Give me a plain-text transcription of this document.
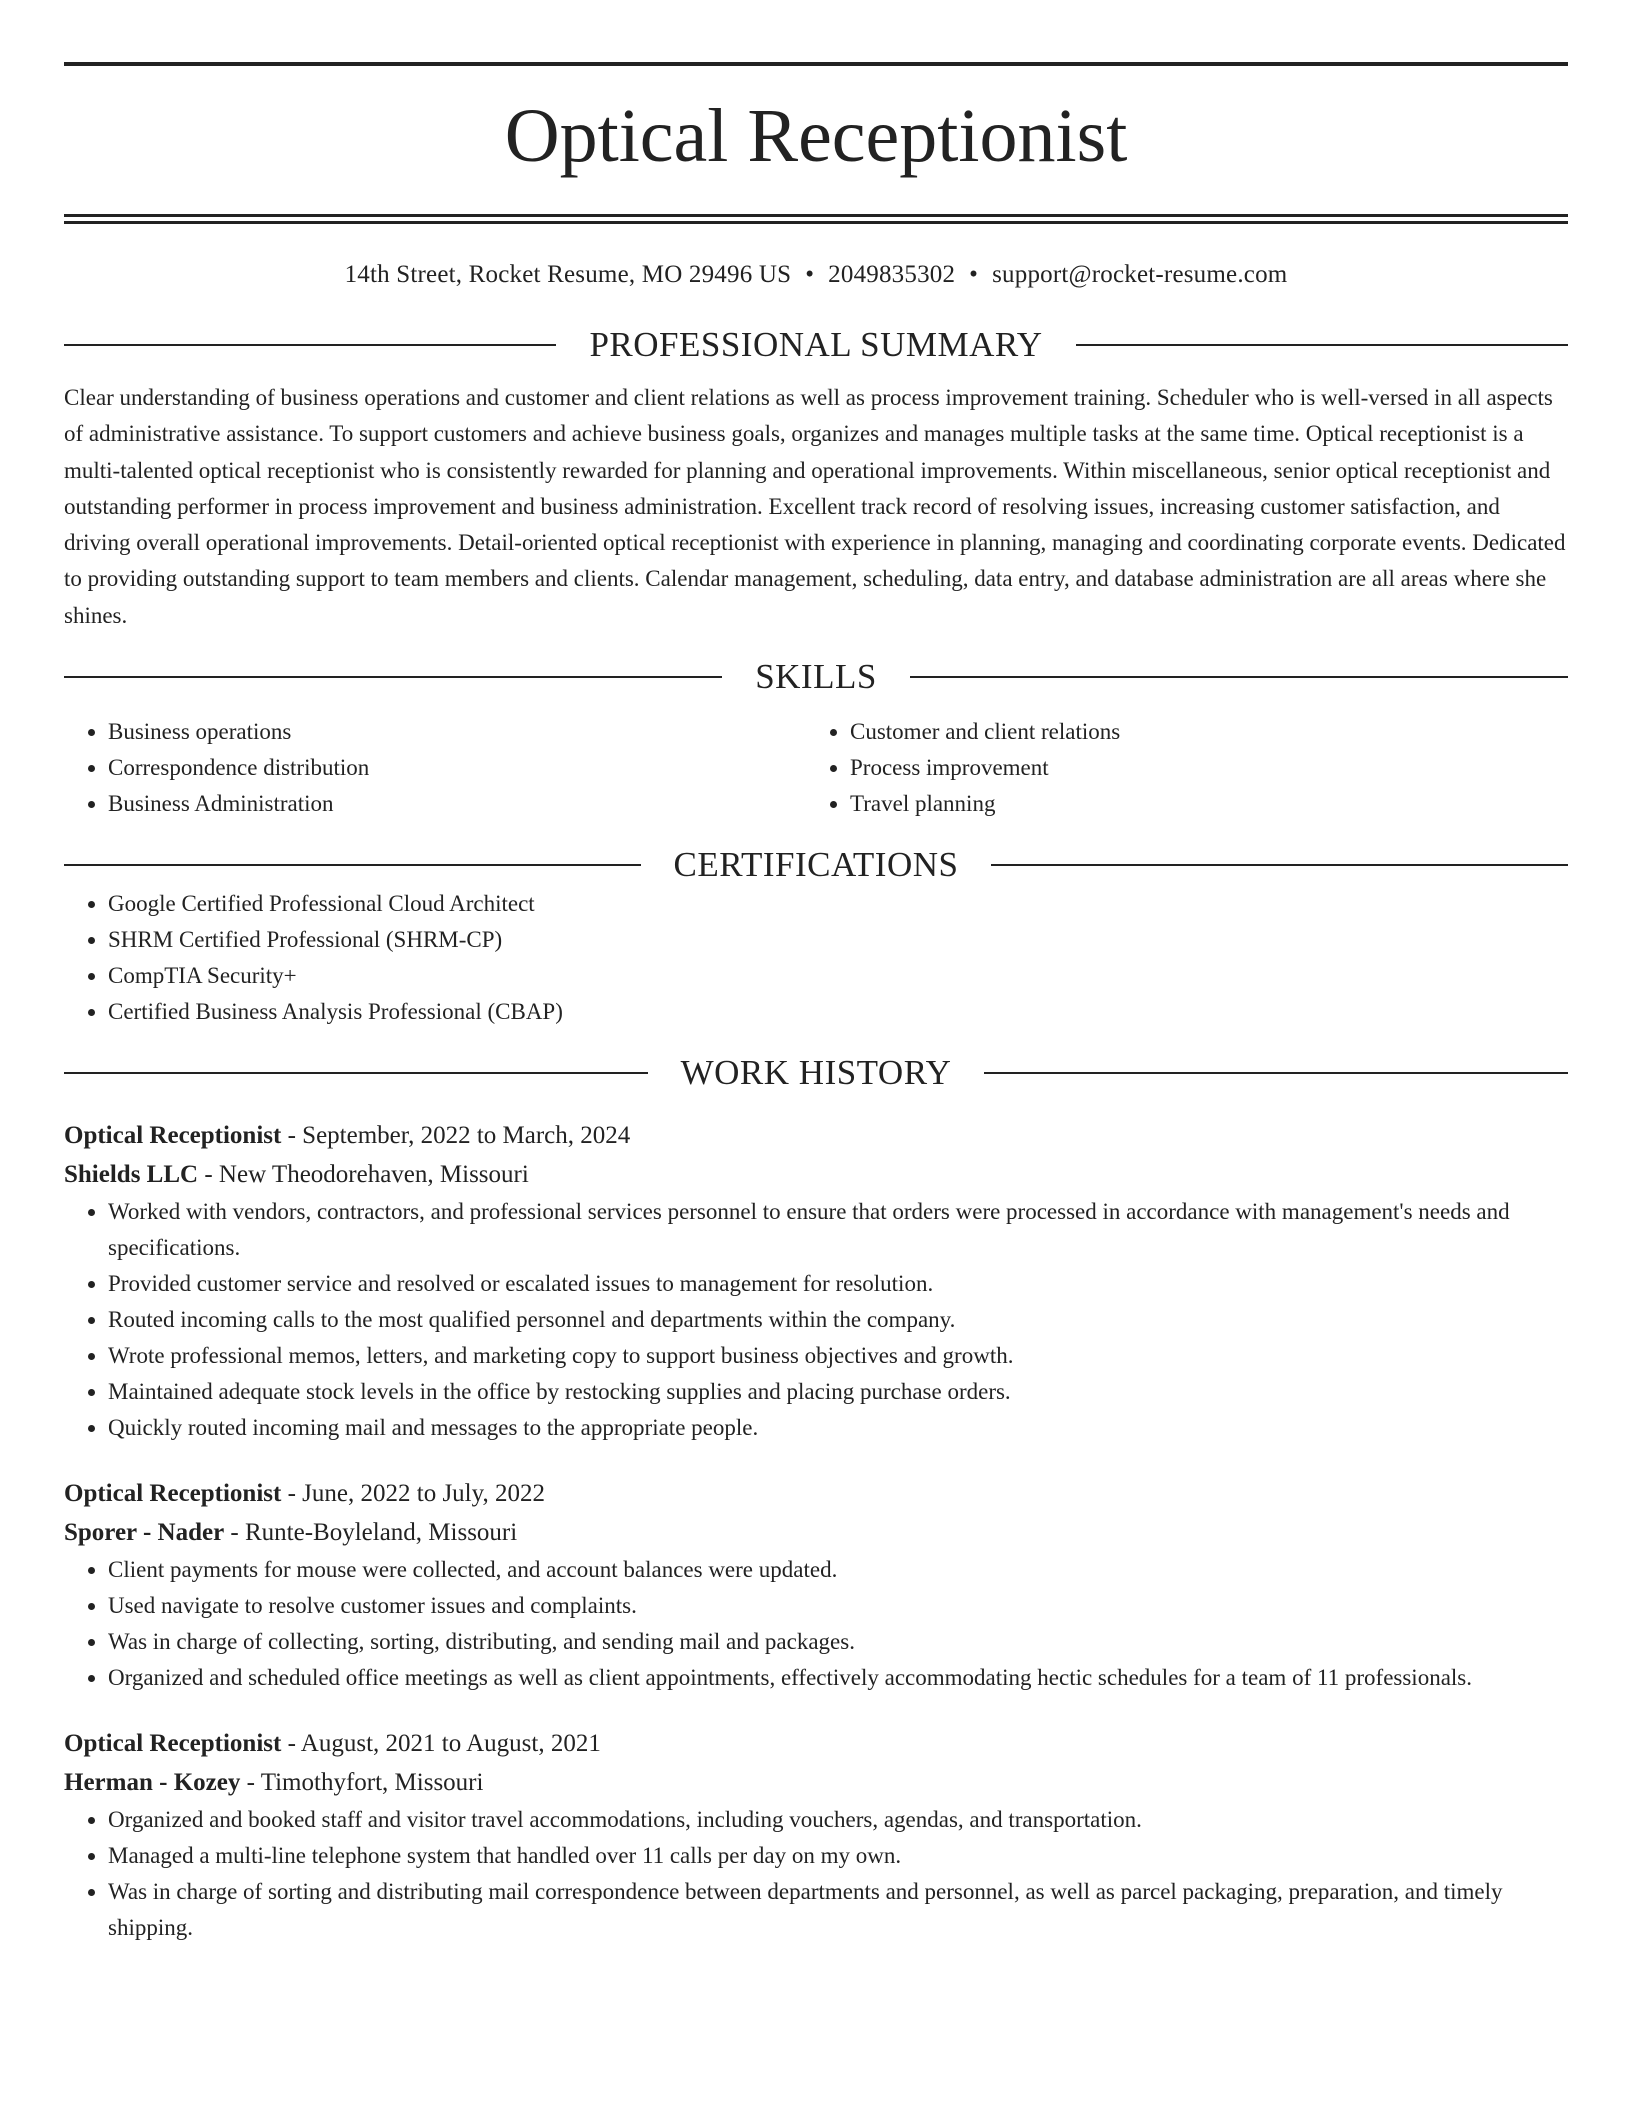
Optical Receptionist
14th Street, Rocket Resume, MO 29496 US • 2049835302 • support@rocket-resume.com
PROFESSIONAL SUMMARY

Clear understanding of business operations and customer and client relations as well as process improvement training. Scheduler who is well-versed in all aspects of administrative assistance. To support customers and achieve business goals, organizes and manages multiple tasks at the same time. Optical receptionist is a multi-talented optical receptionist who is consistently rewarded for planning and operational improvements. Within miscellaneous, senior optical receptionist and outstanding performer in process improvement and business administration. Excellent track record of resolving issues, increasing customer satisfaction, and driving overall operational improvements. Detail-oriented optical receptionist with experience in planning, managing and coordinating corporate events. Dedicated to providing outstanding support to team members and clients. Calendar management, scheduling, data entry, and database administration are all areas where she shines.

SKILLS
• Business operations
• Correspondence distribution
• Business Administration
• Customer and client relations
• Process improvement
• Travel planning
CERTIFICATIONS
• Google Certified Professional Cloud Architect
• SHRM Certified Professional (SHRM-CP)
• CompTIA Security+
• Certified Business Analysis Professional (CBAP)
WORK HISTORY
Optical Receptionist - September, 2022 to March, 2024
Shields LLC - New Theodorehaven, Missouri
• Worked with vendors, contractors, and professional services personnel to ensure that orders were processed in accordance with management's needs and specifications.
• Provided customer service and resolved or escalated issues to management for resolution.
• Routed incoming calls to the most qualified personnel and departments within the company.
• Wrote professional memos, letters, and marketing copy to support business objectives and growth.
• Maintained adequate stock levels in the office by restocking supplies and placing purchase orders.
• Quickly routed incoming mail and messages to the appropriate people.
Optical Receptionist - June, 2022 to July, 2022
Sporer - Nader - Runte-Boyleland, Missouri
• Client payments for mouse were collected, and account balances were updated.
• Used navigate to resolve customer issues and complaints.
• Was in charge of collecting, sorting, distributing, and sending mail and packages.
• Organized and scheduled office meetings as well as client appointments, effectively accommodating hectic schedules for a team of 11 professionals.
Optical Receptionist - August, 2021 to August, 2021
Herman - Kozey - Timothyfort, Missouri
• Organized and booked staff and visitor travel accommodations, including vouchers, agendas, and transportation.
• Managed a multi-line telephone system that handled over 11 calls per day on my own.
• Was in charge of sorting and distributing mail correspondence between departments and personnel, as well as parcel packaging, preparation, and timely shipping.
